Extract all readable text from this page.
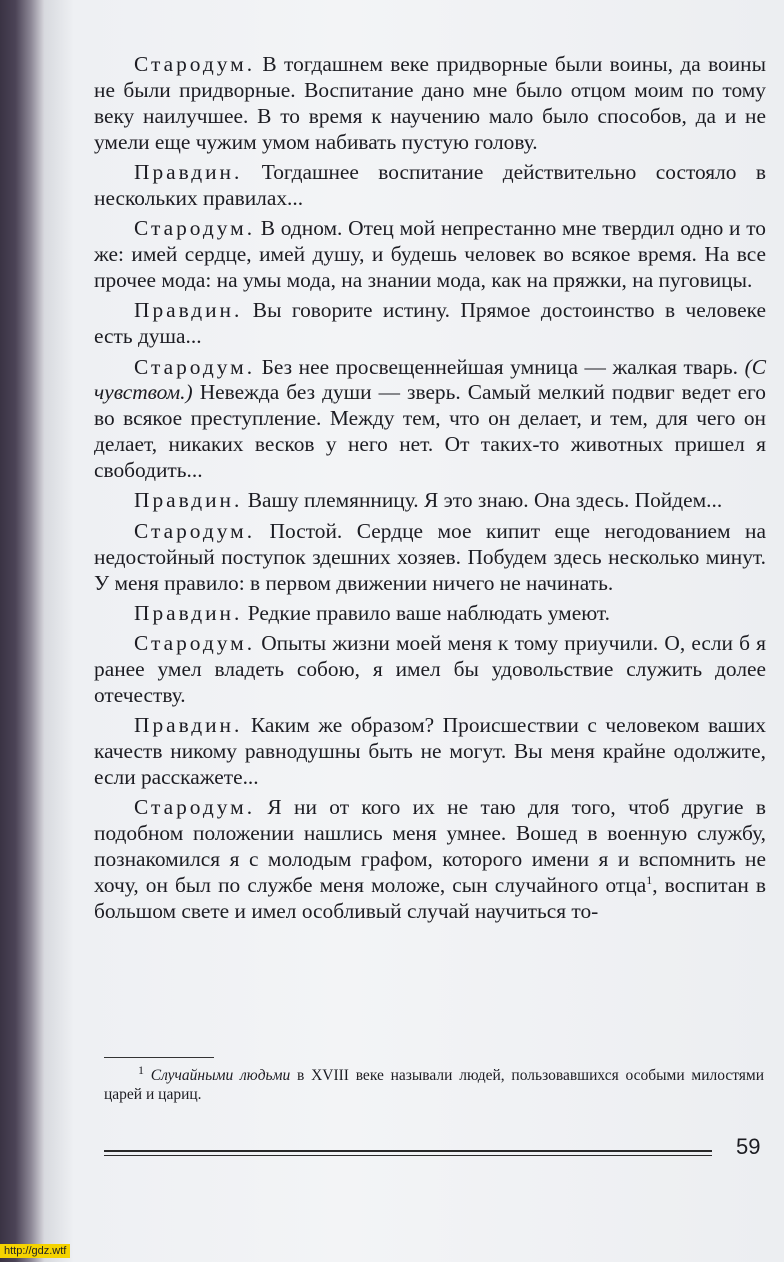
Стародум. В тогдашнем веке придворные были воины, да воины не были придворные. Воспитание дано мне было отцом моим по тому веку наилучшее. В то время к научению мало было способов, да и не умели еще чужим умом набивать пустую голову.

Правдин. Тогдашнее воспитание действительно состояло в нескольких правилах...

Стародум. В одном. Отец мой непрестанно мне твердил одно и то же: имей сердце, имей душу, и будешь человек во всякое время. На все прочее мода: на умы мода, на знании мода, как на пряжки, на пуговицы.

Правдин. Вы говорите истину. Прямое достоинство в человеке есть душа...

Стародум. Без нее просвещеннейшая умница — жалкая тварь. (С чувством.) Невежда без души — зверь. Самый мелкий подвиг ведет его во всякое преступление. Между тем, что он делает, и тем, для чего он делает, никаких весков у него нет. От таких-то животных пришел я свободить...

Правдин. Вашу племянницу. Я это знаю. Она здесь. Пойдем...

Стародум. Постой. Сердце мое кипит еще негодованием на недостойный поступок здешних хозяев. Побудем здесь несколько минут. У меня правило: в первом движении ничего не начинать.

Правдин. Редкие правило ваше наблюдать умеют.

Стародум. Опыты жизни моей меня к тому приучили. О, если б я ранее умел владеть собою, я имел бы удовольствие служить долее отечеству.

Правдин. Каким же образом? Происшествии с человеком ваших качеств никому равнодушны быть не могут. Вы меня крайне одолжите, если расскажете...

Стародум. Я ни от кого их не таю для того, чтоб другие в подобном положении нашлись меня умнее. Вошед в военную службу, познакомился я с молодым графом, которого имени я и вспомнить не хочу, он был по службе меня моложе, сын случайного отца$^1$, воспитан в большом свете и имел особливый случай научиться то-

$^1$ Случайными людьми в XVIII веке называли людей, пользовавшихся особыми милостями царей и цариц.

59
http://gdz.wtf
